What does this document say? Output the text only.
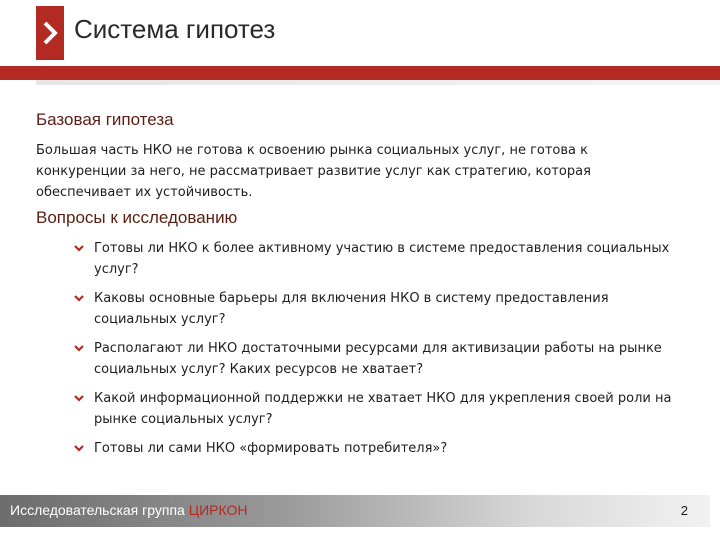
Система гипотез
Базовая гипотеза
Большая часть НКО не готова к освоению рынка социальных услуг, не готова к конкуренции за него, не рассматривает развитие услуг как стратегию, которая обеспечивает их устойчивость.
Вопросы к исследованию
Готовы ли НКО к более активному участию в системе предоставления социальных услуг?
Каковы основные барьеры для включения НКО в систему предоставления социальных услуг?
Располагают ли НКО достаточными ресурсами для активизации работы на рынке социальных услуг? Каких ресурсов не хватает?
Какой информационной поддержки не хватает НКО для укрепления своей роли на рынке социальных услуг?
Готовы ли сами НКО «формировать потребителя»?
Исследовательская группа ЦИРКОН	2
